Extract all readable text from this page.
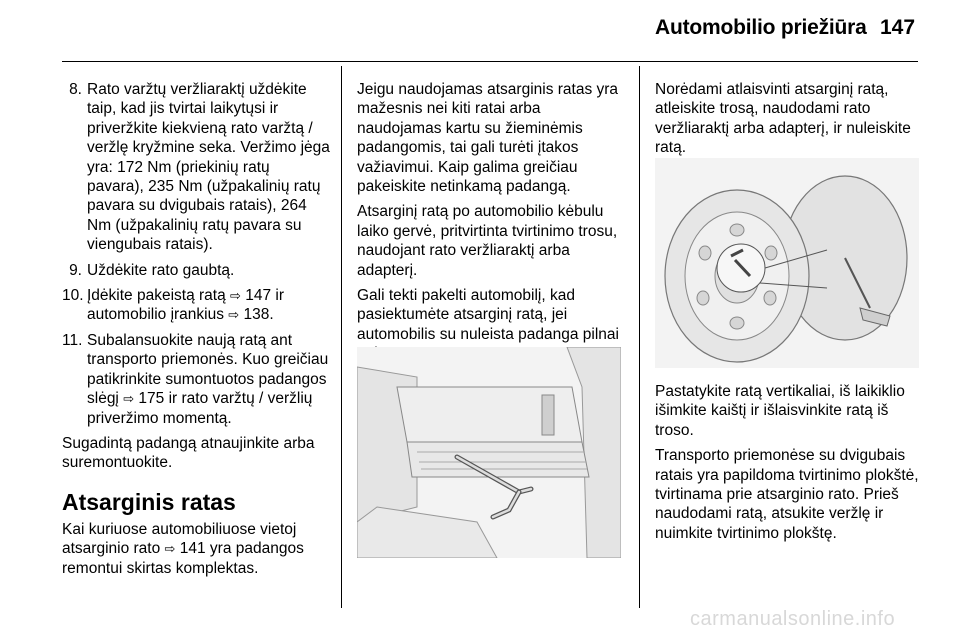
Automobilio priežiūra 147
8. Rato varžtų veržliaraktį uždėkite taip, kad jis tvirtai laikytųsi ir priveržkite kiekvieną rato varžtą / veržlę kryžmine seka. Veržimo jėga yra: 172 Nm (priekinių ratų pavara), 235 Nm (užpakalinių ratų pavara su dvigubais ratais), 264 Nm (užpakalinių ratų pavara su viengubais ratais).
9. Uždėkite rato gaubtą.
10. Įdėkite pakeistą ratą ⇨ 147 ir automobilio įrankius ⇨ 138.
11. Subalansuokite naują ratą ant transporto priemonės. Kuo greičiau patikrinkite sumontuotos padangos slėgį ⇨ 175 ir rato varžtų / veržlių priveržimo momentą.

Sugadintą padangą atnaujinkite arba suremontuokite.

Atsarginis ratas

Kai kuriuose automobiliuose vietoj atsarginio rato ⇨ 141 yra padangos remontui skirtas komplektas.

Jeigu naudojamas atsarginis ratas yra mažesnis nei kiti ratai arba naudojamas kartu su žieminėmis padangomis, tai gali turėti įtakos važiavimui. Kaip galima greičiau pakeiskite netinkamą padangą.

Atsarginį ratą po automobilio kėbulu laiko gervė, pritvirtinta tvirtinimo trosu, naudojant rato veržliaraktį arba adapterį.

Gali tekti pakelti automobilį, kad pasiektumėte atsarginį ratą, jei automobilis su nuleista padanga pilnai

Norėdami atlaisvinti atsarginį ratą, atleiskite trosą, naudodami rato veržliaraktį arba adapterį, ir nuleiskite ratą.

Pastatykite ratą vertikaliai, iš laikiklio išimkite kaištį ir išlaisvinkite ratą iš troso.

Transporto priemonėse su dvigubais ratais yra papildoma tvirtinimo plokštė, tvirtinama prie atsarginio rato. Prieš naudodami ratą, atsukite veržlę ir nuimkite tvirtinimo plokštę.

carmanualsonline.info
